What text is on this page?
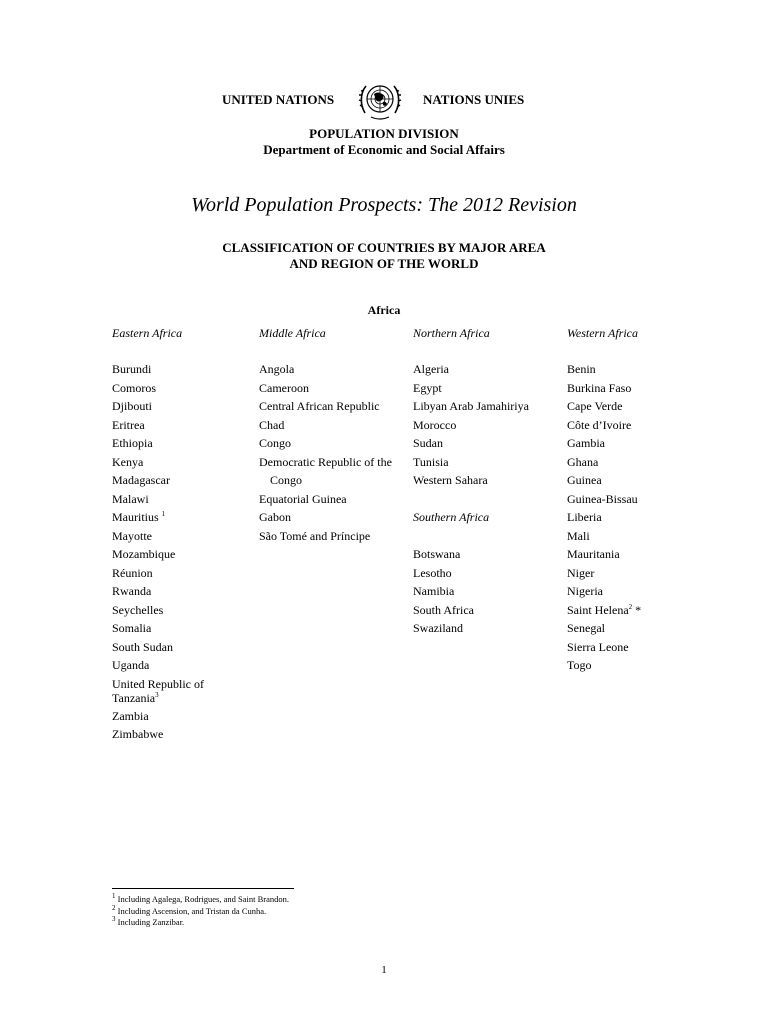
UNITED NATIONS	NATIONS UNIES
POPULATION DIVISION
Department of Economic and Social Affairs
World Population Prospects: The 2012 Revision
CLASSIFICATION OF COUNTRIES BY MAJOR AREA
AND REGION OF THE WORLD
Africa
Eastern Africa
Burundi
Comoros
Djibouti
Eritrea
Ethiopia
Kenya
Madagascar
Malawi
Mauritius $^1$
Mayotte
Mozambique
Réunion
Rwanda
Seychelles
Somalia
South Sudan
Uganda
United Republic of
Tanzania$^3$
Zambia
Zimbabwe
Middle Africa
Angola
Cameroon
Central African Republic
Chad
Congo
Democratic Republic of the
Congo
Equatorial Guinea
Gabon
São Tomé and Príncipe
Northern Africa
Algeria
Egypt
Libyan Arab Jamahiriya
Morocco
Sudan
Tunisia
Western Sahara

Southern Africa

Botswana
Lesotho
Namibia
South Africa
Swaziland
Western Africa
Benin
Burkina Faso
Cape Verde
Côte d’Ivoire
Gambia
Ghana
Guinea
Guinea-Bissau
Liberia
Mali
Mauritania
Niger
Nigeria
Saint Helena$^2$ *
Senegal
Sierra Leone
Togo
$^1$ Including Agalega, Rodrigues, and Saint Brandon.
$^2$ Including Ascension, and Tristan da Cunha.
$^3$ Including Zanzibar.
1
